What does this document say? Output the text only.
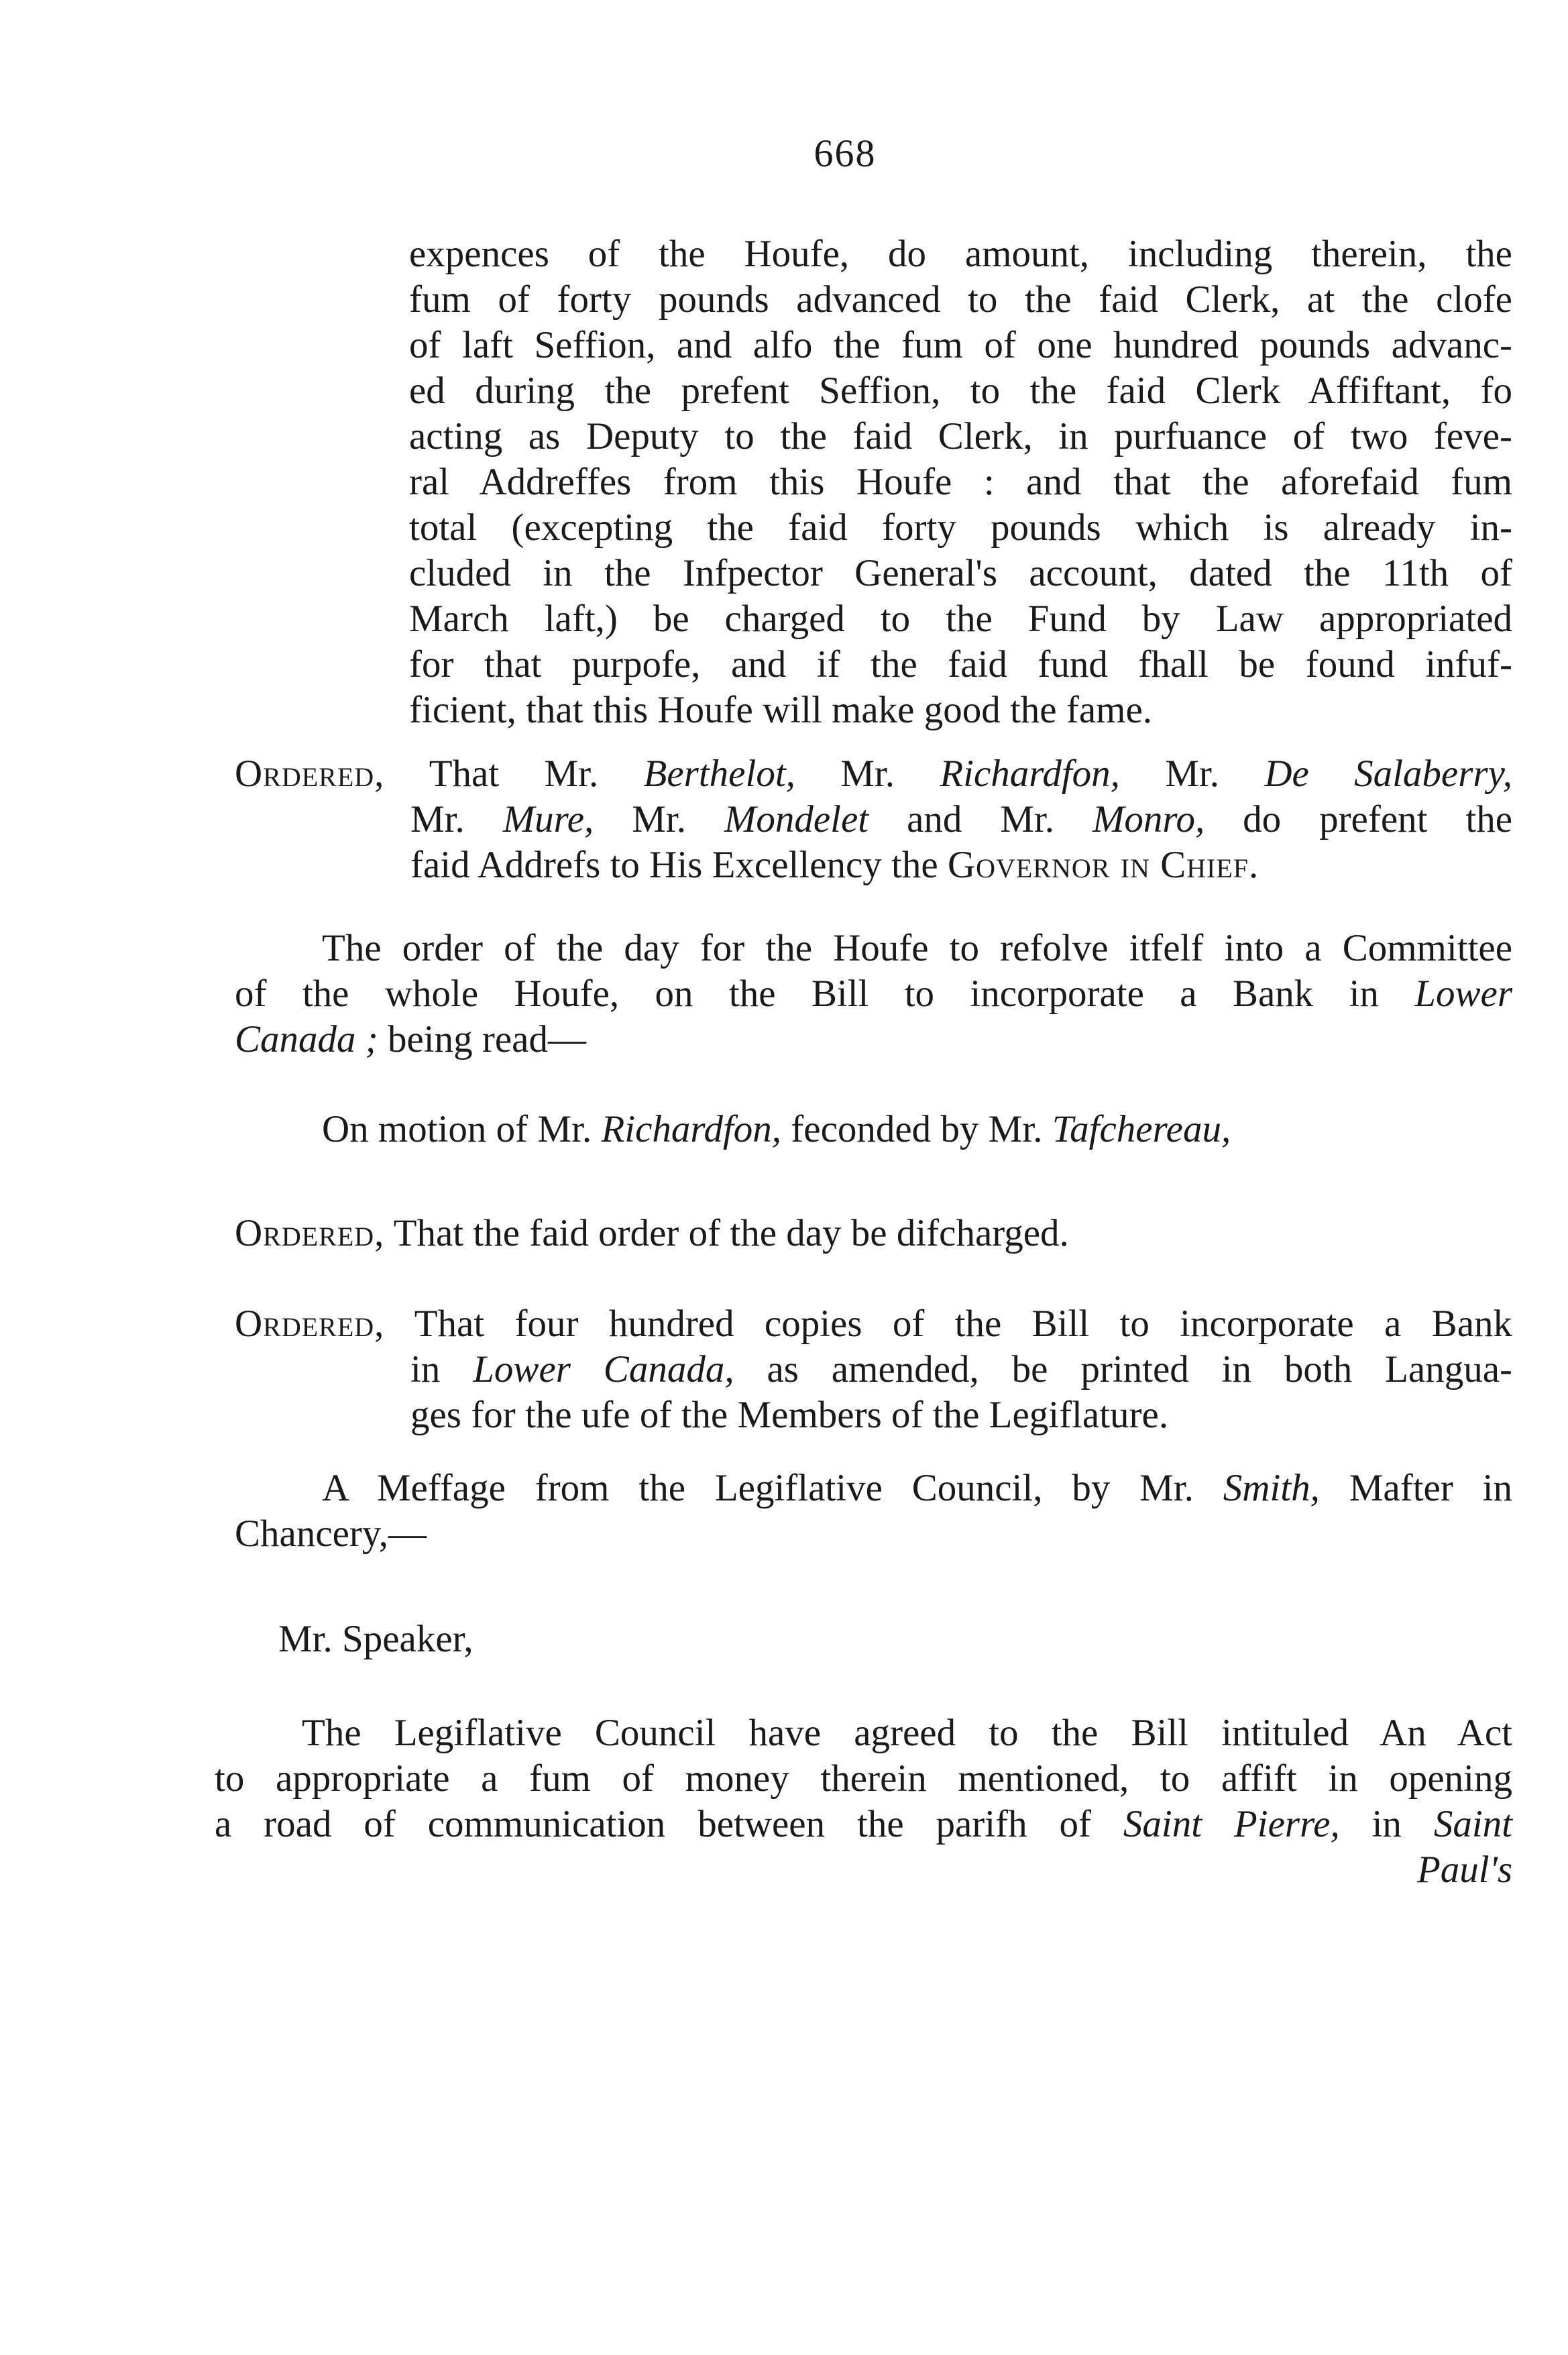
668
expences of the Houfe, do amount, including therein, the
fum of forty pounds advanced to the faid Clerk, at the clofe
of laft Seffion, and alfo the fum of one hundred pounds advanc-
ed during the prefent Seffion, to the faid Clerk Affiftant, fo
acting as Deputy to the faid Clerk, in purfuance of two feve-
ral Addreffes from this Houfe : and that the aforefaid fum
total (excepting the faid forty pounds which is already in-
cluded in the Infpector General's account, dated the 11th of
March laft,) be charged to the Fund by Law appropriated
for that purpofe, and if the faid fund fhall be found infuf-
ficient, that this Houfe will make good the fame.
Ordered, That Mr. Berthelot, Mr. Richardfon, Mr. De Salaberry,
Mr. Mure, Mr. Mondelet and Mr. Monro, do prefent the
faid Addrefs to His Excellency the Governor in Chief.
The order of the day for the Houfe to refolve itfelf into a Committee
of the whole Houfe, on the Bill to incorporate a Bank in Lower
Canada ; being read—
On motion of Mr. Richardfon, feconded by Mr. Tafchereau,
Ordered, That the faid order of the day be difcharged.
Ordered, That four hundred copies of the Bill to incorporate a Bank
in Lower Canada, as amended, be printed in both Langua-
ges for the ufe of the Members of the Legiflature.
A Meffage from the Legiflative Council, by Mr. Smith, Mafter in
Chancery,—
Mr. Speaker,
The Legiflative Council have agreed to the Bill intituled An Act
to appropriate a fum of money therein mentioned, to affift in opening
a road of communication between the parifh of Saint Pierre, in Saint
Paul's
